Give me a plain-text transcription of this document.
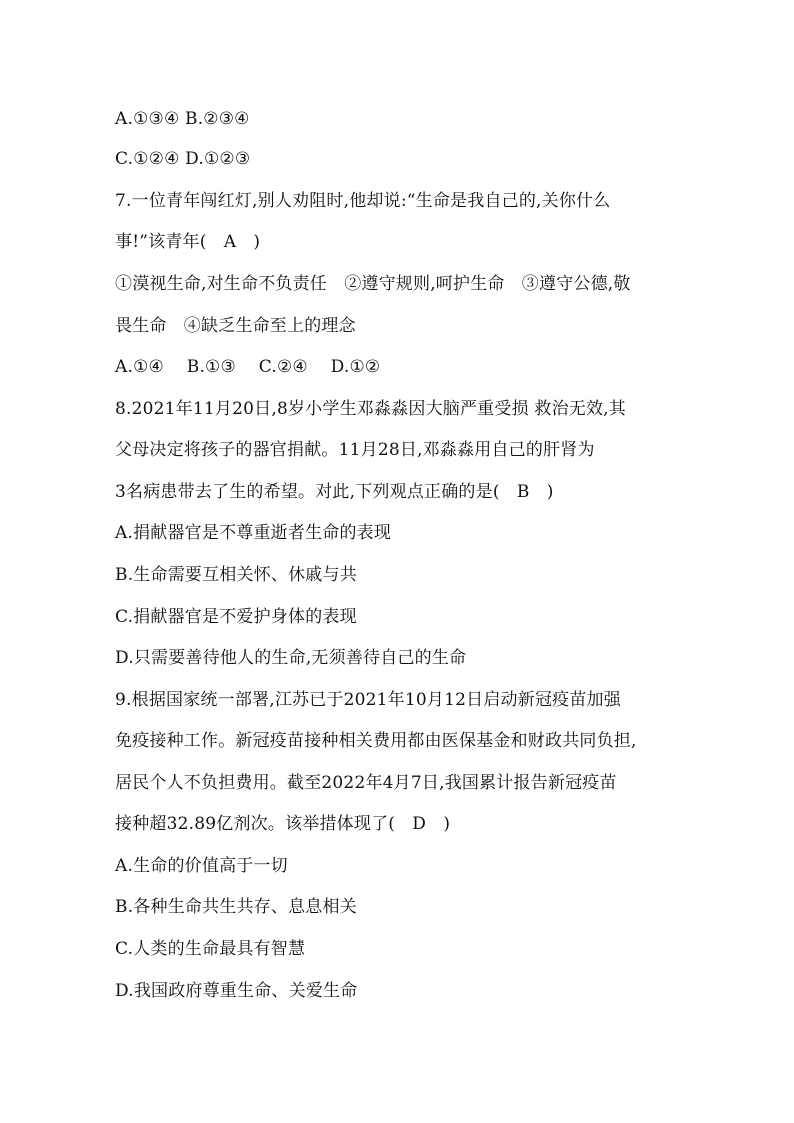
A.①③④ B.②③④
C.①②④ D.①②③
7.一位青年闯红灯,别人劝阻时,他却说:“生命是我自己的,关你什么
事!”该青年(　A　)
①漠视生命,对生命不负责任　②遵守规则,呵护生命　③遵守公德,敬
畏生命　④缺乏生命至上的理念
A.①④　 B.①③　 C.②④　 D.①②
8.2021年11月20日,8岁小学生邓淼淼因大脑严重受损 救治无效,其
父母决定将孩子的器官捐献。11月28日,邓淼淼用自己的肝肾为
3名病患带去了生的希望。对此,下列观点正确的是(　B　)
A.捐献器官是不尊重逝者生命的表现
B.生命需要互相关怀、休戚与共
C.捐献器官是不爱护身体的表现
D.只需要善待他人的生命,无须善待自己的生命
9.根据国家统一部署,江苏已于2021年10月12日启动新冠疫苗加强
免疫接种工作。新冠疫苗接种相关费用都由医保基金和财政共同负担,
居民个人不负担费用。截至2022年4月7日,我国累计报告新冠疫苗
接种超32.89亿剂次。该举措体现了(　D　)
A.生命的价值高于一切
B.各种生命共生共存、息息相关
C.人类的生命最具有智慧
D.我国政府尊重生命、关爱生命
